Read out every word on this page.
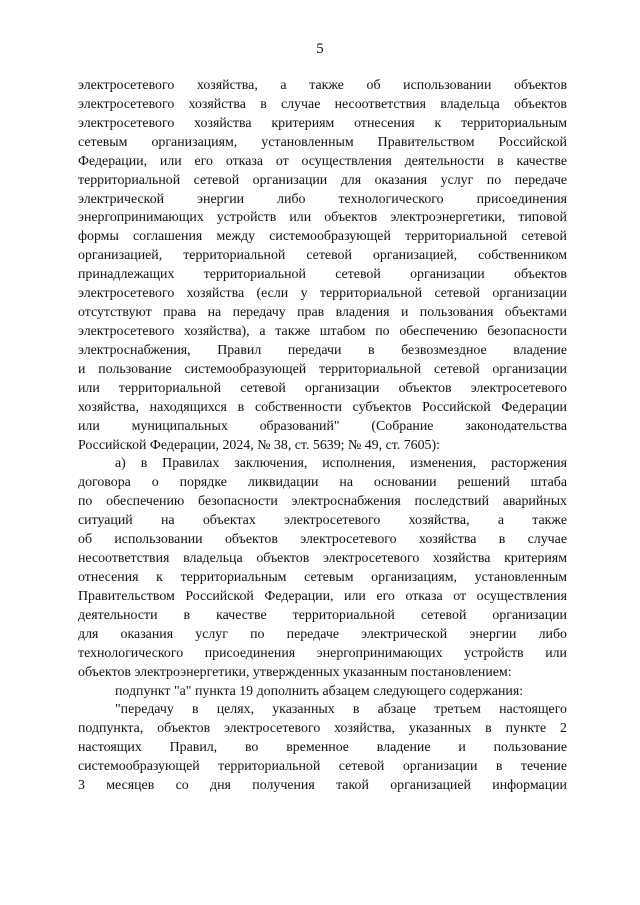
5
электросетевого хозяйства, а также об использовании объектов
электросетевого хозяйства в случае несоответствия владельца объектов
электросетевого хозяйства критериям отнесения к территориальным
сетевым организациям, установленным Правительством Российской
Федерации, или его отказа от осуществления деятельности в качестве
территориальной сетевой организации для оказания услуг по передаче
электрической энергии либо технологического присоединения
энергопринимающих устройств или объектов электроэнергетики, типовой
формы соглашения между системообразующей территориальной сетевой
организацией, территориальной сетевой организацией, собственником
принадлежащих территориальной сетевой организации объектов
электросетевого хозяйства (если у территориальной сетевой организации
отсутствуют права на передачу прав владения и пользования объектами
электросетевого хозяйства), а также штабом по обеспечению безопасности
электроснабжения, Правил передачи в безвозмездное владение
и пользование системообразующей территориальной сетевой организации
или территориальной сетевой организации объектов электросетевого
хозяйства, находящихся в собственности субъектов Российской Федерации
или муниципальных образований" (Собрание законодательства
Российской Федерации, 2024, № 38, ст. 5639; № 49, ст. 7605):
а) в Правилах заключения, исполнения, изменения, расторжения
договора о порядке ликвидации на основании решений штаба
по обеспечению безопасности электроснабжения последствий аварийных
ситуаций на объектах электросетевого хозяйства, а также
об использовании объектов электросетевого хозяйства в случае
несоответствия владельца объектов электросетевого хозяйства критериям
отнесения к территориальным сетевым организациям, установленным
Правительством Российской Федерации, или его отказа от осуществления
деятельности в качестве территориальной сетевой организации
для оказания услуг по передаче электрической энергии либо
технологического присоединения энергопринимающих устройств или
объектов электроэнергетики, утвержденных указанным постановлением:
подпункт "а" пункта 19 дополнить абзацем следующего содержания:
"передачу в целях, указанных в абзаце третьем настоящего
подпункта, объектов электросетевого хозяйства, указанных в пункте 2
настоящих Правил, во временное владение и пользование
системообразующей территориальной сетевой организации в течение
3 месяцев со дня получения такой организацией информации
